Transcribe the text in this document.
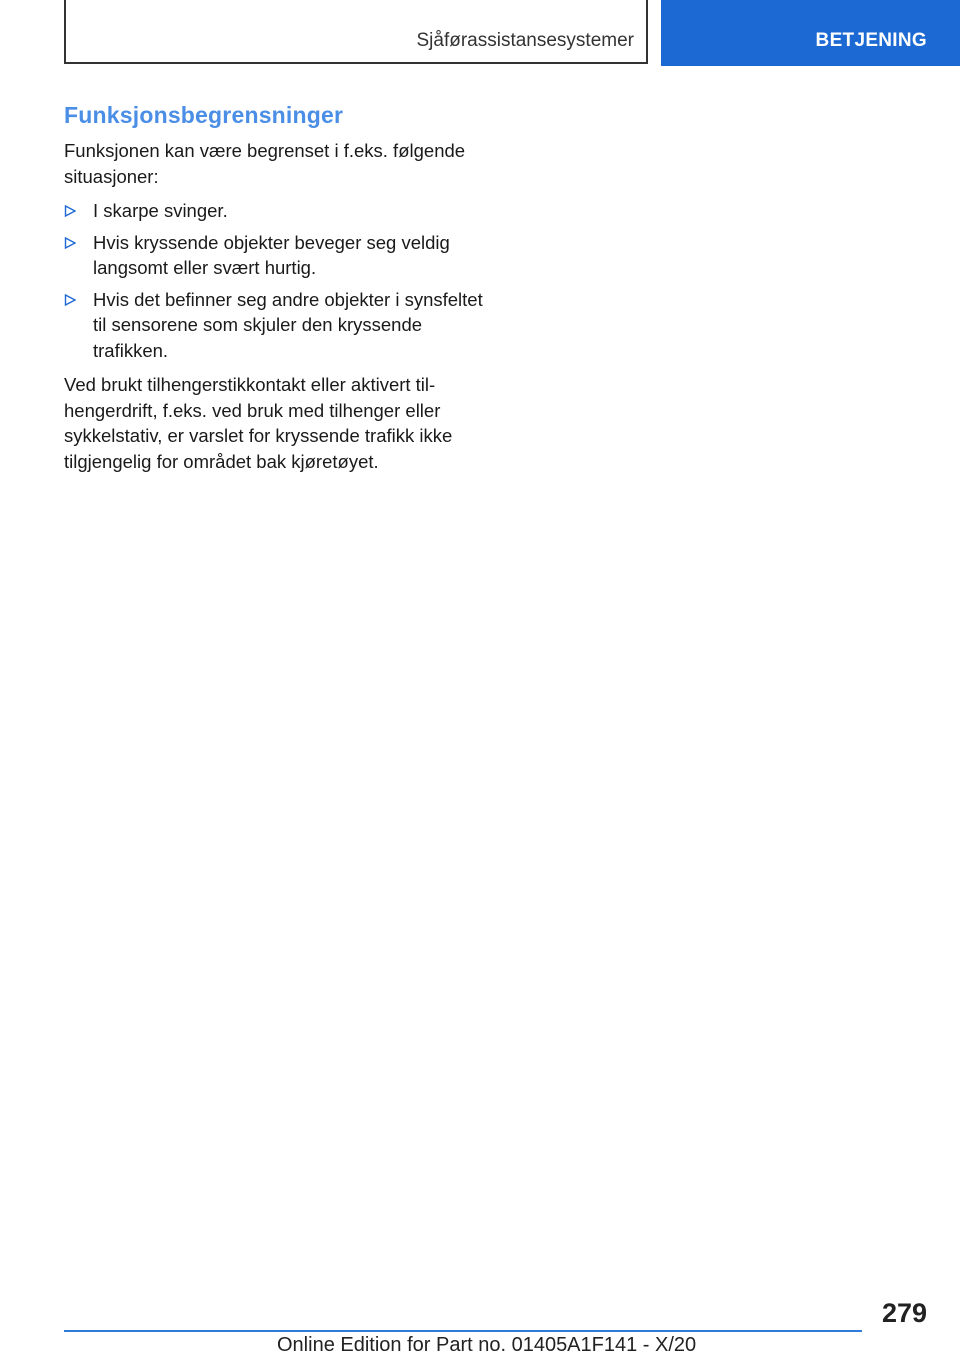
Sjåførassistansesystemer	BETJENING
Funksjonsbegrensninger

Funksjonen kan være begrenset i f.eks. følgende situasjoner:

I skarpe svinger.
Hvis kryssende objekter beveger seg veldig langsomt eller svært hurtig.
Hvis det befinner seg andre objekter i synsfeltet til sensorene som skjuler den kryssende trafikken.

Ved brukt tilhengerstikkontakt eller aktivert tilhengerdrift, f.eks. ved bruk med tilhenger eller sykkelstativ, er varslet for kryssende trafikk ikke tilgjengelig for området bak kjøretøyet.

279
Online Edition for Part no. 01405A1F141 - X/20
